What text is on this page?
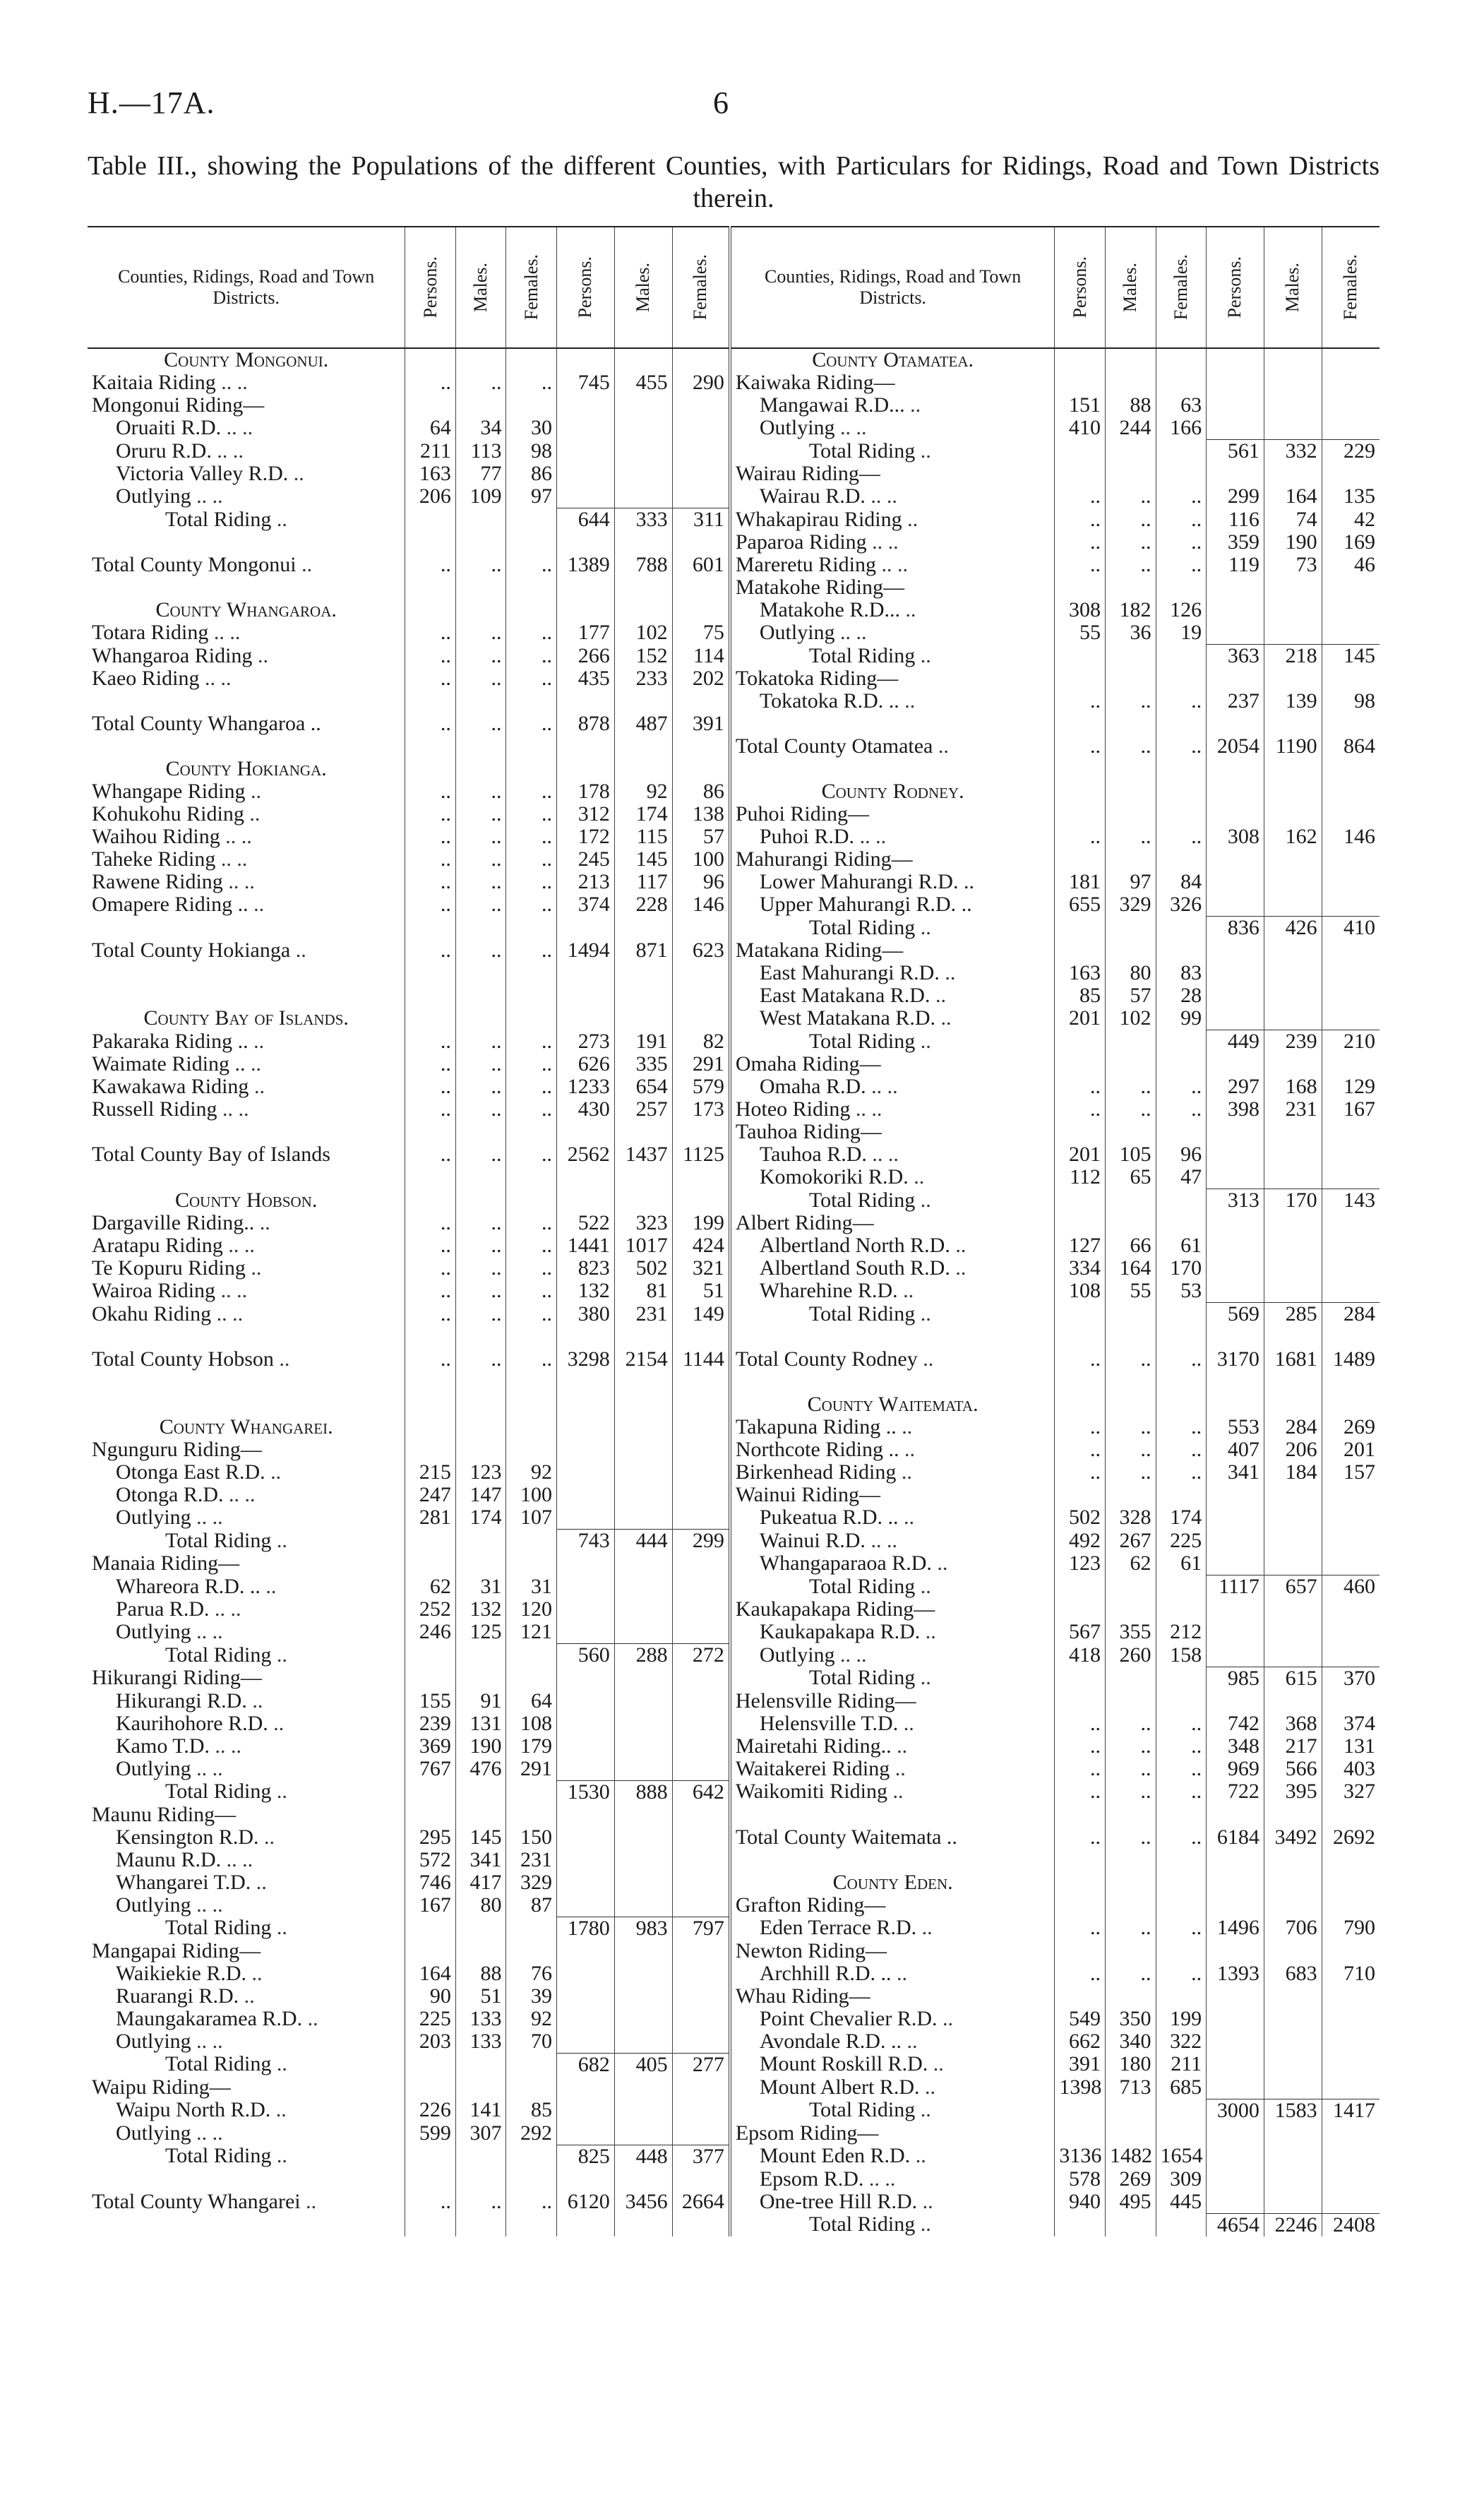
H.—17A.	6
Table III., showing the Populations of the different Counties, with Particulars for Ridings, Road and Town Districts therein.
Counties, Ridings, Road and Town Districts.	Persons.	Males.	Females.	Persons.	Males.	Females.	Counties, Ridings, Road and Town Districts.	Persons.	Males.	Females.	Persons.	Males.	Females.

County Mongonui.							County Otamatea.						
Kaitaia Riding .. ..	..	..	..	745	455	290	Kaiwaka Riding—						
Mongonui Riding—							Mangawai R.D... ..	151	88	63			
Oruaiti R.D. .. ..	64	34	30				Outlying .. ..	410	244	166			
Oruru R.D. .. ..	211	113	98				Total Riding ..				561	332	229
Victoria Valley R.D. ..	163	77	86				Wairau Riding—						
Outlying .. ..	206	109	97				Wairau R.D. .. ..	..	..	..	299	164	135
Total Riding ..				644	333	311	Whakapirau Riding ..	..	..	..	116	74	42
							Paparoa Riding .. ..	..	..	..	359	190	169
Total County Mongonui ..	..	..	..	1389	788	601	Mareretu Riding .. ..	..	..	..	119	73	46
							Matakohe Riding—						
County Whangaroa.							Matakohe R.D... ..	308	182	126			
Totara Riding .. ..	..	..	..	177	102	75	Outlying .. ..	55	36	19			
Whangaroa Riding ..	..	..	..	266	152	114	Total Riding ..				363	218	145
Kaeo Riding .. ..	..	..	..	435	233	202	Tokatoka Riding—						
							Tokatoka R.D. .. ..	..	..	..	237	139	98
Total County Whangaroa ..	..	..	..	878	487	391							
							Total County Otamatea ..	..	..	..	2054	1190	864
County Hokianga.													
Whangape Riding ..	..	..	..	178	92	86	County Rodney.						
Kohukohu Riding ..	..	..	..	312	174	138	Puhoi Riding—						
Waihou Riding .. ..	..	..	..	172	115	57	Puhoi R.D. .. ..	..	..	..	308	162	146
Taheke Riding .. ..	..	..	..	245	145	100	Mahurangi Riding—						
Rawene Riding .. ..	..	..	..	213	117	96	Lower Mahurangi R.D. ..	181	97	84			
Omapere Riding .. ..	..	..	..	374	228	146	Upper Mahurangi R.D. ..	655	329	326			
							Total Riding ..				836	426	410
Total County Hokianga ..	..	..	..	1494	871	623	Matakana Riding—						
							East Mahurangi R.D. ..	163	80	83			
							East Matakana R.D. ..	85	57	28			
County Bay of Islands.							West Matakana R.D. ..	201	102	99			
Pakaraka Riding .. ..	..	..	..	273	191	82	Total Riding ..				449	239	210
Waimate Riding .. ..	..	..	..	626	335	291	Omaha Riding—						
Kawakawa Riding ..	..	..	..	1233	654	579	Omaha R.D. .. ..	..	..	..	297	168	129
Russell Riding .. ..	..	..	..	430	257	173	Hoteo Riding .. ..	..	..	..	398	231	167
							Tauhoa Riding—						
Total County Bay of Islands	..	..	..	2562	1437	1125	Tauhoa R.D. .. ..	201	105	96			
							Komokoriki R.D. ..	112	65	47			
County Hobson.							Total Riding ..				313	170	143
Dargaville Riding.. ..	..	..	..	522	323	199	Albert Riding—						
Aratapu Riding .. ..	..	..	..	1441	1017	424	Albertland North R.D. ..	127	66	61			
Te Kopuru Riding ..	..	..	..	823	502	321	Albertland South R.D. ..	334	164	170			
Wairoa Riding .. ..	..	..	..	132	81	51	Wharehine R.D. ..	108	55	53			
Okahu Riding .. ..	..	..	..	380	231	149	Total Riding ..				569	285	284

Total County Hobson ..	..	..	..	3298	2154	1144	Total County Rodney ..	..	..	..	3170	1681	1489

							County Waitemata.						
County Whangarei.							Takapuna Riding .. ..	..	..	..	553	284	269
Ngunguru Riding—							Northcote Riding .. ..	..	..	..	407	206	201
Otonga East R.D. ..	215	123	92				Birkenhead Riding ..	..	..	..	341	184	157
Otonga R.D. .. ..	247	147	100				Wainui Riding—						
Outlying .. ..	281	174	107				Pukeatua R.D. .. ..	502	328	174			
Total Riding ..				743	444	299	Wainui R.D. .. ..	492	267	225			
Manaia Riding—							Whangaparaoa R.D. ..	123	62	61			
Whareora R.D. .. ..	62	31	31				Total Riding ..				1117	657	460
Parua R.D. .. ..	252	132	120				Kaukapakapa Riding—						
Outlying .. ..	246	125	121				Kaukapakapa R.D. ..	567	355	212			
Total Riding ..				560	288	272	Outlying .. ..	418	260	158			
Hikurangi Riding—							Total Riding ..				985	615	370
Hikurangi R.D. ..	155	91	64				Helensville Riding—						
Kaurihohore R.D. ..	239	131	108				Helensville T.D. ..	..	..	..	742	368	374
Kamo T.D. .. ..	369	190	179				Mairetahi Riding.. ..	..	..	..	348	217	131
Outlying .. ..	767	476	291				Waitakerei Riding ..	..	..	..	969	566	403
Total Riding ..				1530	888	642	Waikomiti Riding ..	..	..	..	722	395	327
Maunu Riding—													
Kensington R.D. ..	295	145	150				Total County Waitemata ..	..	..	..	6184	3492	2692
Maunu R.D. .. ..	572	341	231										
Whangarei T.D. ..	746	417	329				County Eden.						
Outlying .. ..	167	80	87				Grafton Riding—						
Total Riding ..				1780	983	797	Eden Terrace R.D. ..	..	..	..	1496	706	790
Mangapai Riding—							Newton Riding—						
Waikiekie R.D. ..	164	88	76				Archhill R.D. .. ..	..	..	..	1393	683	710
Ruarangi R.D. ..	90	51	39				Whau Riding—						
Maungakaramea R.D. ..	225	133	92				Point Chevalier R.D. ..	549	350	199			
Outlying .. ..	203	133	70				Avondale R.D. .. ..	662	340	322			
Total Riding ..				682	405	277	Mount Roskill R.D. ..	391	180	211			
Waipu Riding—							Mount Albert R.D. ..	1398	713	685			
Waipu North R.D. ..	226	141	85				Total Riding ..				3000	1583	1417
Outlying .. ..	599	307	292				Epsom Riding—						
Total Riding ..				825	448	377	Mount Eden R.D. ..	3136	1482	1654			
							Epsom R.D. .. ..	578	269	309			
Total County Whangarei ..	..	..	..	6120	3456	2664	One-tree Hill R.D. ..	940	495	445			
							Total Riding ..				4654	2246	2408
